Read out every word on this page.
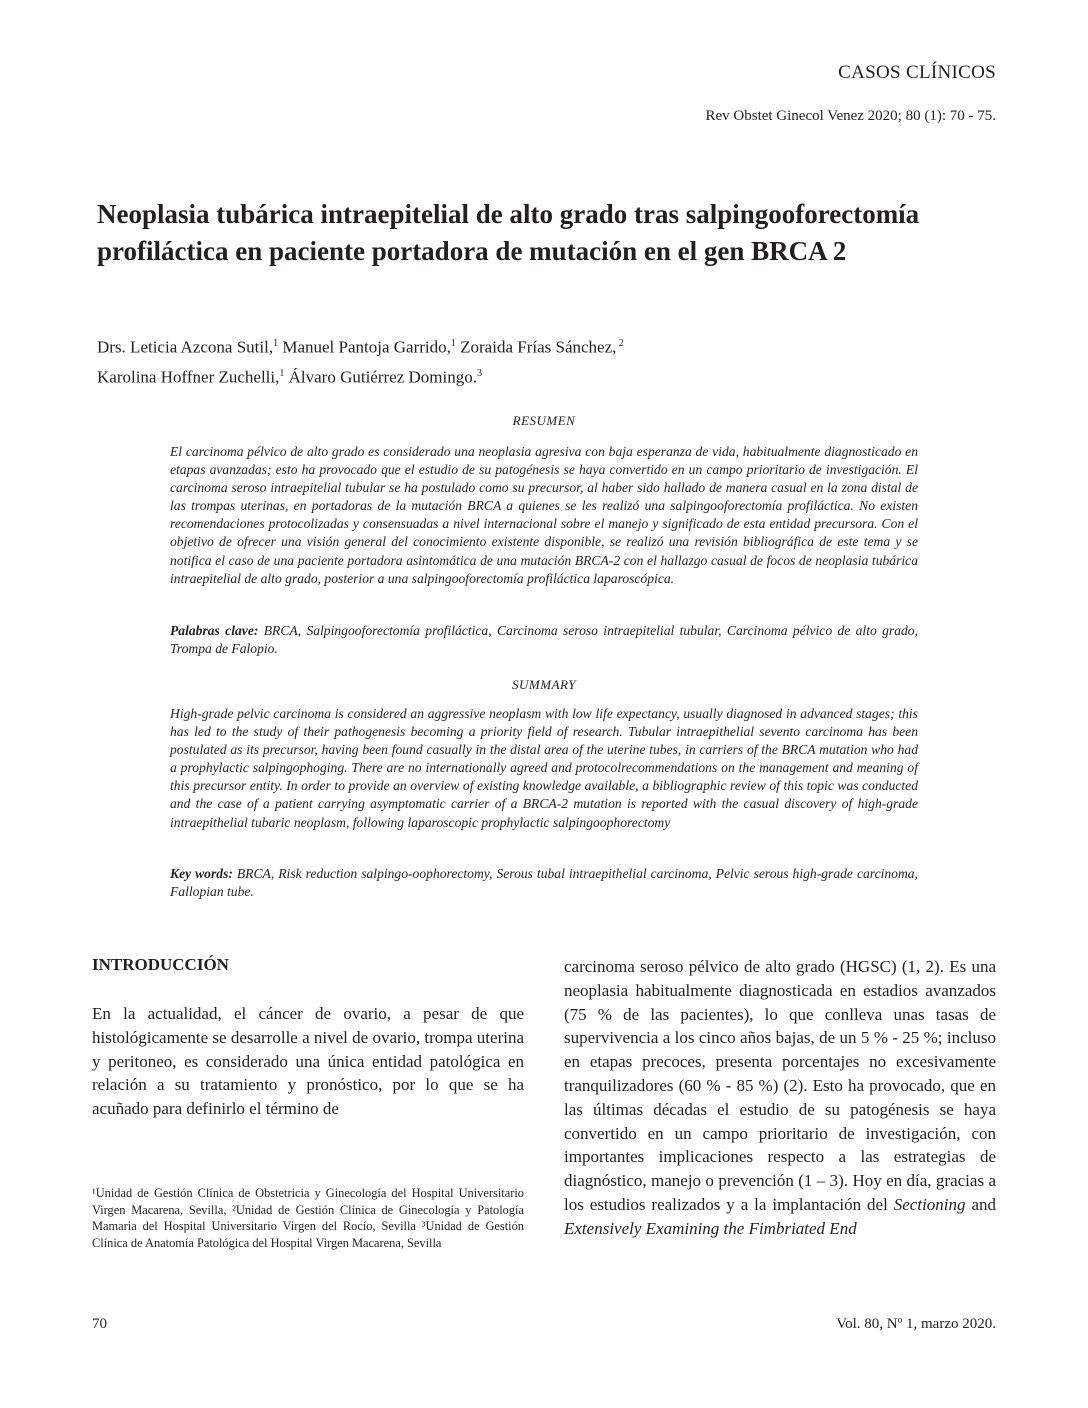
CASOS CLÍNICOS
Rev Obstet Ginecol Venez 2020; 80 (1): 70 - 75.
Neoplasia tubárica intraepitelial de alto grado tras salpingooforectomía profiláctica en paciente portadora de mutación en el gen BRCA 2
Drs. Leticia Azcona Sutil,$^1$ Manuel Pantoja Garrido,$^1$ Zoraida Frías Sánchez, $^2$
Karolina Hoffner Zuchelli,$^1$ Álvaro Gutiérrez Domingo.$^3$
RESUMEN

El carcinoma pélvico de alto grado es considerado una neoplasia agresiva con baja esperanza de vida, habitualmente diagnosticado en etapas avanzadas; esto ha provocado que el estudio de su patogénesis se haya convertido en un campo prioritario de investigación. El carcinoma seroso intraepitelial tubular se ha postulado como su precursor, al haber sido hallado de manera casual en la zona distal de las trompas uterinas, en portadoras de la mutación BRCA a quienes se les realizó una salpingooforectomía profiláctica. No existen recomendaciones protocolizadas y consensuadas a nivel internacional sobre el manejo y significado de esta entidad precursora. Con el objetivo de ofrecer una visión general del conocimiento existente disponible, se realizó una revisión bibliográfica de este tema y se notifica el caso de una paciente portadora asintomática de una mutación BRCA-2 con el hallazgo casual de focos de neoplasia tubárica intraepitelial de alto grado, posterior a una salpingooforectomía profiláctica laparoscópica.

Palabras clave: BRCA, Salpingooforectomía profiláctica, Carcinoma seroso intraepitelial tubular, Carcinoma pélvico de alto grado, Trompa de Falopio.

SUMMARY

High-grade pelvic carcinoma is considered an aggressive neoplasm with low life expectancy, usually diagnosed in advanced stages; this has led to the study of their pathogenesis becoming a priority field of research. Tubular intraepithelial sevento carcinoma has been postulated as its precursor, having been found casually in the distal area of the uterine tubes, in carriers of the BRCA mutation who had a prophylactic salpingophoging. There are no internationally agreed and protocolrecommendations on the management and meaning of this precursor entity. In order to provide an overview of existing knowledge available, a bibliographic review of this topic was conducted and the case of a patient carrying asymptomatic carrier of a BRCA-2 mutation is reported with the casual discovery of high-grade intraepithelial tubaric neoplasm, following laparoscopic prophylactic salpingoophorectomy

Key words: BRCA, Risk reduction salpingo-oophorectomy, Serous tubal intraepithelial carcinoma, Pelvic serous high-grade carcinoma, Fallopian tube.

INTRODUCCIÓN

En la actualidad, el cáncer de ovario, a pesar de que histológicamente se desarrolle a nivel de ovario, trompa uterina y peritoneo, es considerado una única entidad patológica en relación a su tratamiento y pronóstico, por lo que se ha acuñado para definirlo el término de

carcinoma seroso pélvico de alto grado (HGSC) (1, 2). Es una neoplasia habitualmente diagnosticada en estadios avanzados (75 % de las pacientes), lo que conlleva unas tasas de supervivencia a los cinco años bajas, de un 5 % - 25 %; incluso en etapas precoces, presenta porcentajes no excesivamente tranquilizadores (60 % - 85 %) (2). Esto ha provocado, que en las últimas décadas el estudio de su patogénesis se haya convertido en un campo prioritario de investigación, con importantes implicaciones respecto a las estrategias de diagnóstico, manejo o prevención (1 – 3). Hoy en día, gracias a los estudios realizados y a la implantación del Sectioning and Extensively Examining the Fimbriated End

¹Unidad de Gestión Clínica de Obstetricia y Ginecología del Hospital Universitario Virgen Macarena, Sevilla, ²Unidad de Gestión Clínica de Ginecología y Patología Mamaria del Hospital Universitario Virgen del Rocío, Sevilla ³Unidad de Gestión Clínica de Anatomía Patológica del Hospital Virgen Macarena, Sevilla

70	Vol. 80, Nº 1, marzo 2020.
